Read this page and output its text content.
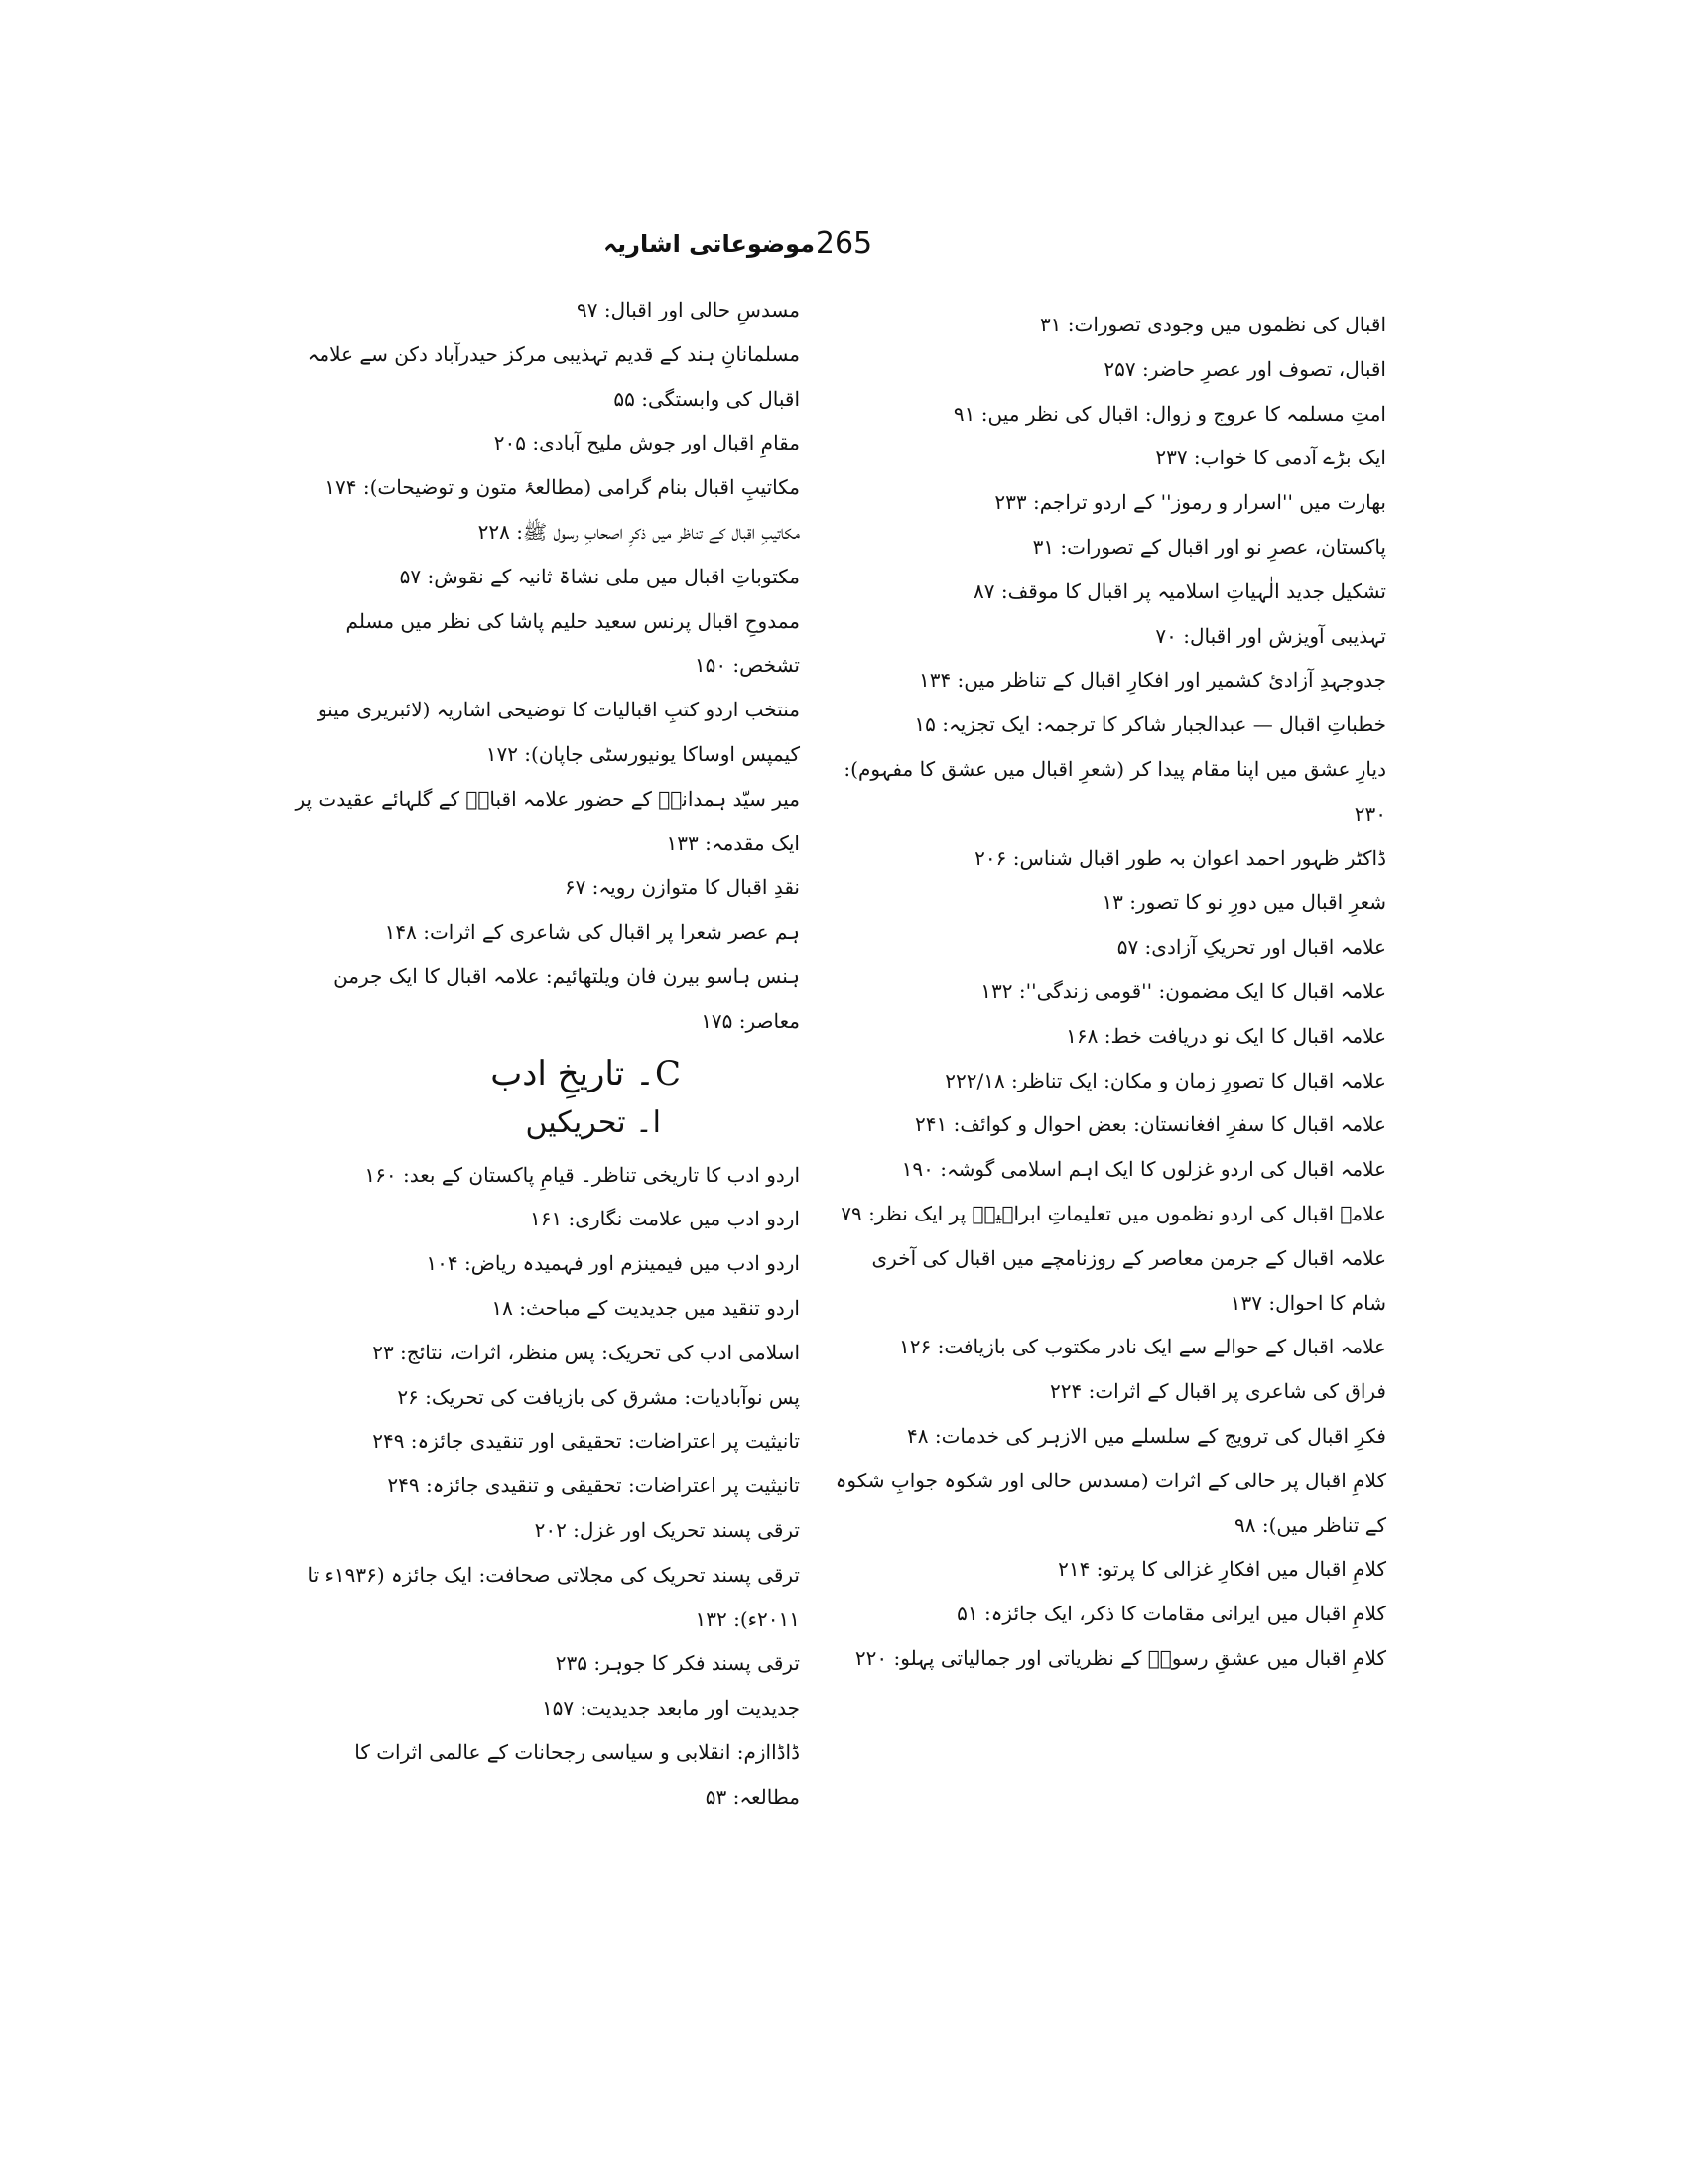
265
موضوعاتی اشاریہ
اقبال کی نظموں میں وجودی تصورات: ۳۱
اقبال، تصوف اور عصرِ حاضر: ۲۵۷
امتِ مسلمہ کا عروج و زوال: اقبال کی نظر میں: ۹۱
ایک بڑے آدمی کا خواب: ۲۳۷
بھارت میں ''اسرار و رموز'' کے اردو تراجم: ۲۳۳
پاکستان، عصرِ نو اور اقبال کے تصورات: ۳۱
تشکیل جدید الٰہیاتِ اسلامیہ پر اقبال کا موقف: ۸۷
تہذیبی آویزش اور اقبال: ۷۰
جدوجہدِ آزادیٔ کشمیر اور افکارِ اقبال کے تناظر میں: ۱۳۴
خطباتِ اقبال — عبدالجبار شاکر کا ترجمہ: ایک تجزیہ: ۱۵
دیارِ عشق میں اپنا مقام پیدا کر (شعرِ اقبال میں عشق کا مفہوم): ۲۳۰
ڈاکٹر ظہور احمد اعوان بہ طور اقبال شناس: ۲۰۶
شعرِ اقبال میں دورِ نو کا تصور: ۱۳
علامہ اقبال اور تحریکِ آزادی: ۵۷
علامہ اقبال کا ایک مضمون: ''قومی زندگی'': ۱۳۲
علامہ اقبال کا ایک نو دریافت خط: ۱۶۸
علامہ اقبال کا تصورِ زمان و مکان: ایک تناظر: ۲۲۲/۱۸
علامہ اقبال کا سفرِ افغانستان: بعض احوال و کوائف: ۲۴۱
علامہ اقبال کی اردو غزلوں کا ایک اہم اسلامی گوشہ: ۱۹۰
علامہ اقبال کی اردو نظموں میں تعلیماتِ ابراہیمؑ پر ایک نظر: ۷۹
علامہ اقبال کے جرمن معاصر کے روزنامچے میں اقبال کی آخری شام کا احوال: ۱۳۷
علامہ اقبال کے حوالے سے ایک نادر مکتوب کی بازیافت: ۱۲۶
فراق کی شاعری پر اقبال کے اثرات: ۲۲۴
فکرِ اقبال کی ترویج کے سلسلے میں الازہر کی خدمات: ۴۸
کلامِ اقبال پر حالی کے اثرات (مسدس حالی اور شکوہ جوابِ شکوہ کے تناظر میں): ۹۸
کلامِ اقبال میں افکارِ غزالی کا پرتو: ۲۱۴
کلامِ اقبال میں ایرانی مقامات کا ذکر، ایک جائزہ: ۵۱
کلامِ اقبال میں عشقِ رسولؐ کے نظریاتی اور جمالیاتی پہلو: ۲۲۰
مسدسِ حالی اور اقبال: ۹۷
مسلمانانِ ہند کے قدیم تہذیبی مرکز حیدرآباد دکن سے علامہ اقبال کی وابستگی: ۵۵
مقامِ اقبال اور جوش ملیح آبادی: ۲۰۵
مکاتیبِ اقبال بنام گرامی (مطالعۂ متون و توضیحات): ۱۷۴
مکاتیبِ اقبال کے تناظر میں ذکرِ اصحابِ رسول ﷺ: ۲۲۸
مکتوباتِ اقبال میں ملی نشاۃ ثانیہ کے نقوش: ۵۷
ممدوحِ اقبال پرنس سعید حلیم پاشا کی نظر میں مسلم تشخص: ۱۵۰
منتخب اردو کتبِ اقبالیات کا توضیحی اشاریہ (لائبریری مینو کیمپس اوساکا یونیورسٹی جاپان): ۱۷۲
میر سیّد ہمدانیؒ کے حضور علامہ اقبالؒ کے گلہائے عقیدت پر ایک مقدمہ: ۱۳۳
نقدِ اقبال کا متوازن رویہ: ۶۷
ہم عصر شعرا پر اقبال کی شاعری کے اثرات: ۱۴۸
ہنس ہاسو بیرن فان ویلتھائیم: علامہ اقبال کا ایک جرمن معاصر: ۱۷۵
C۔ تاریخِ ادب
ا۔ تحریکیں
اردو ادب کا تاریخی تناظر۔ قیامِ پاکستان کے بعد: ۱۶۰
اردو ادب میں علامت نگاری: ۱۶۱
اردو ادب میں فیمینزم اور فہمیدہ ریاض: ۱۰۴
اردو تنقید میں جدیدیت کے مباحث: ۱۸
اسلامی ادب کی تحریک: پس منظر، اثرات، نتائج: ۲۳
پس نوآبادیات: مشرق کی بازیافت کی تحریک: ۲۶
تانیثیت پر اعتراضات: تحقیقی اور تنقیدی جائزہ: ۲۴۹
تانیثیت پر اعتراضات: تحقیقی و تنقیدی جائزہ: ۲۴۹
ترقی پسند تحریک اور غزل: ۲۰۲
ترقی پسند تحریک کی مجلاتی صحافت: ایک جائزہ (۱۹۳۶ء تا ۲۰۱۱ء): ۱۳۲
ترقی پسند فکر کا جوہر: ۲۳۵
جدیدیت اور مابعد جدیدیت: ۱۵۷
ڈاڈاازم: انقلابی و سیاسی رجحانات کے عالمی اثرات کا مطالعہ: ۵۳
